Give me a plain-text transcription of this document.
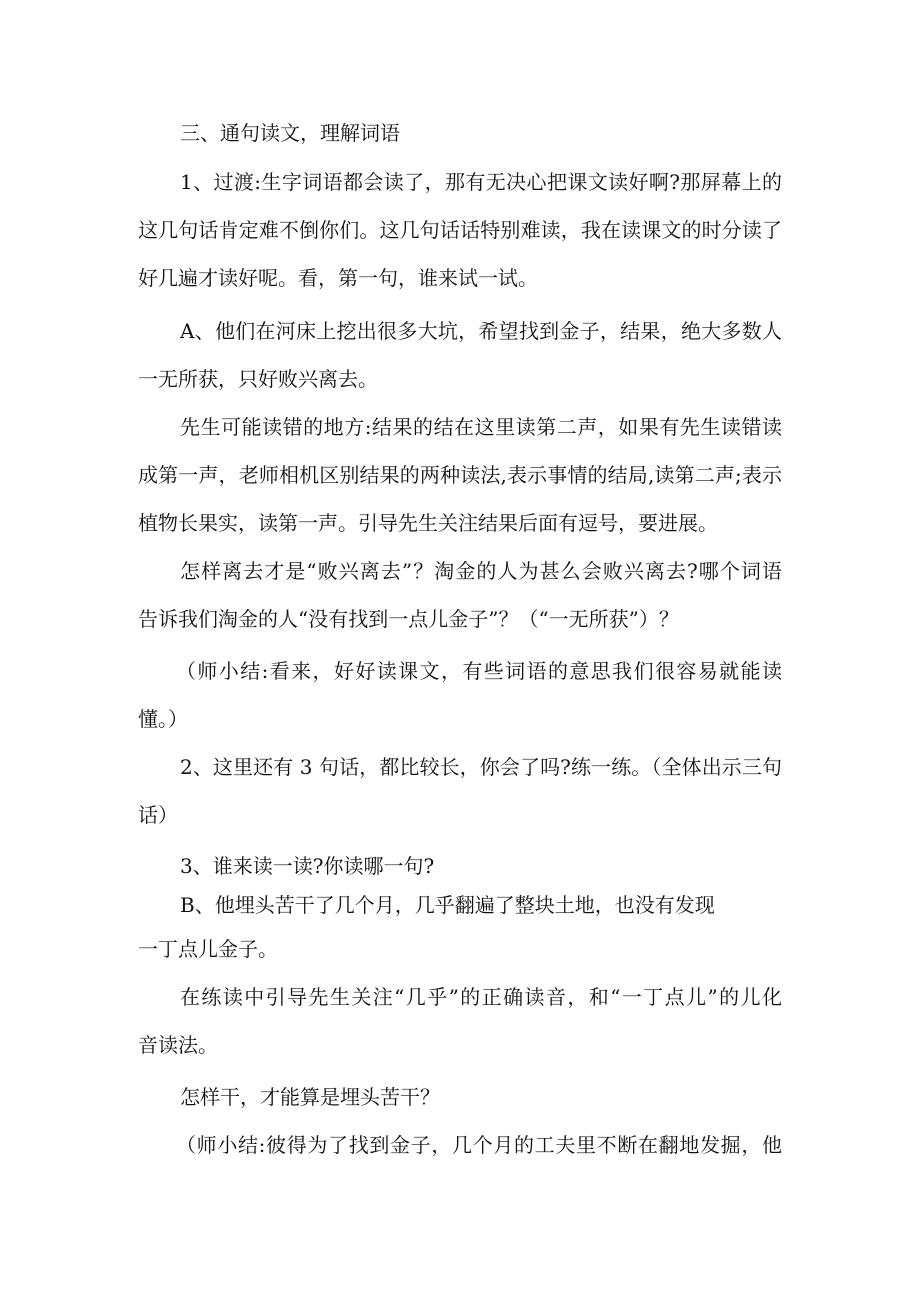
三、通句读文，理解词语
1、过渡:生字词语都会读了，那有无决心把课文读好啊?那屏幕上的
这几句话肯定难不倒你们。这几句话话特别难读，我在读课文的时分读了
好几遍才读好呢。看，第一句，谁来试一试。
A、他们在河床上挖出很多大坑，希望找到金子，结果，绝大多数人
一无所获，只好败兴离去。
先生可能读错的地方:结果的结在这里读第二声，如果有先生读错读
成第一声，老师相机区别结果的两种读法,表示事情的结局,读第二声;表示
植物长果实，读第一声。引导先生关注结果后面有逗号，要进展。
怎样离去才是“败兴离去”？淘金的人为甚么会败兴离去?哪个词语
告诉我们淘金的人“没有找到一点儿金子”？（“一无所获”）？
（师小结:看来，好好读课文，有些词语的意思我们很容易就能读
懂。）
2、这里还有 3 句话，都比较长，你会了吗?练一练。（全体出示三句
话）
3、谁来读一读?你读哪一句?
B、他埋头苦干了几个月，几乎翻遍了整块土地，也没有发现
一丁点儿金子。
在练读中引导先生关注“几乎”的正确读音，和“一丁点儿”的儿化
音读法。
怎样干，才能算是埋头苦干？
（师小结:彼得为了找到金子，几个月的工夫里不断在翻地发掘，他
